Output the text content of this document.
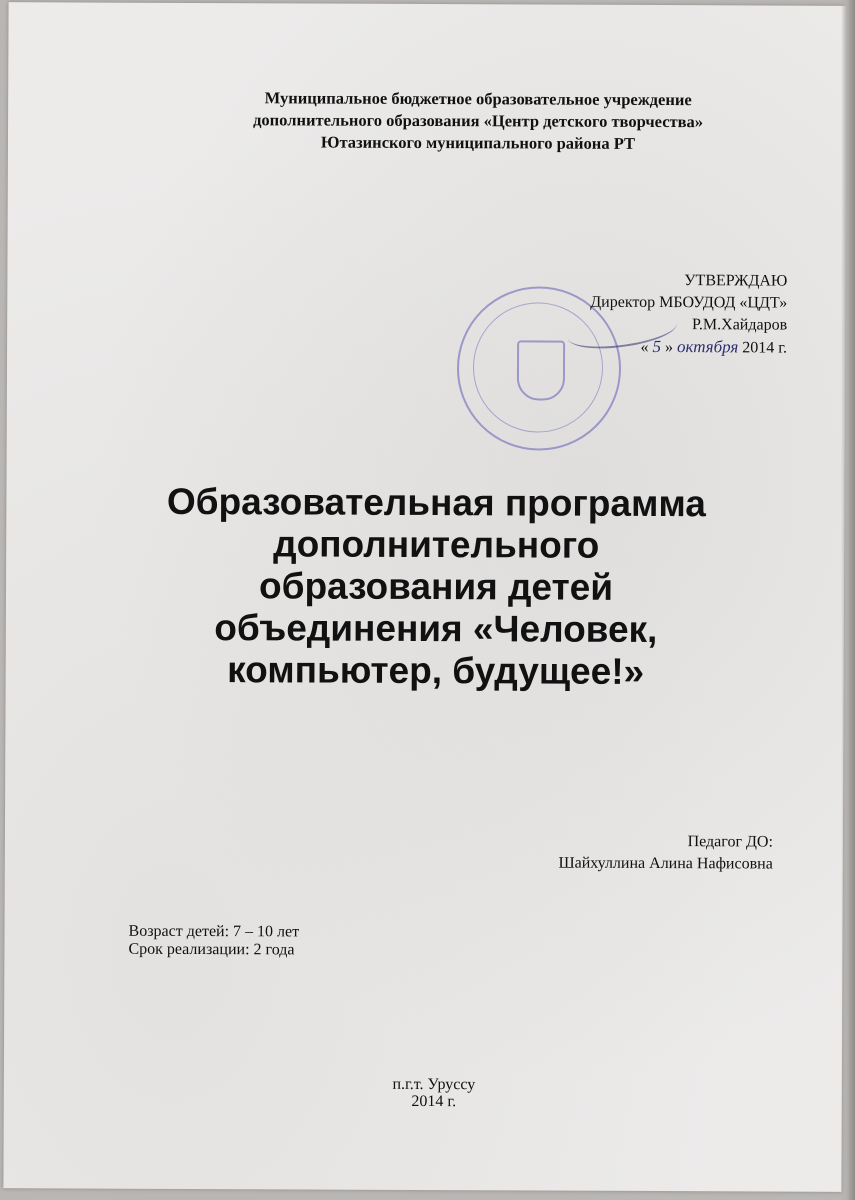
Муниципальное бюджетное образовательное учреждение
дополнительного образования «Центр детского творчества»
Ютазинского муниципального района РТ
УТВЕРЖДАЮ
Директор МБОУДОД «ЦДТ»
Р.М.Хайдаров
« 5 » октября 2014 г.
Образовательная программа
дополнительного образования детей
объединения «Человек,
компьютер, будущее!»
Педагог ДО:
Шайхуллина Алина Нафисовна
Возраст детей: 7 – 10 лет
Срок реализации: 2 года
п.г.т. Уруссу
2014 г.
